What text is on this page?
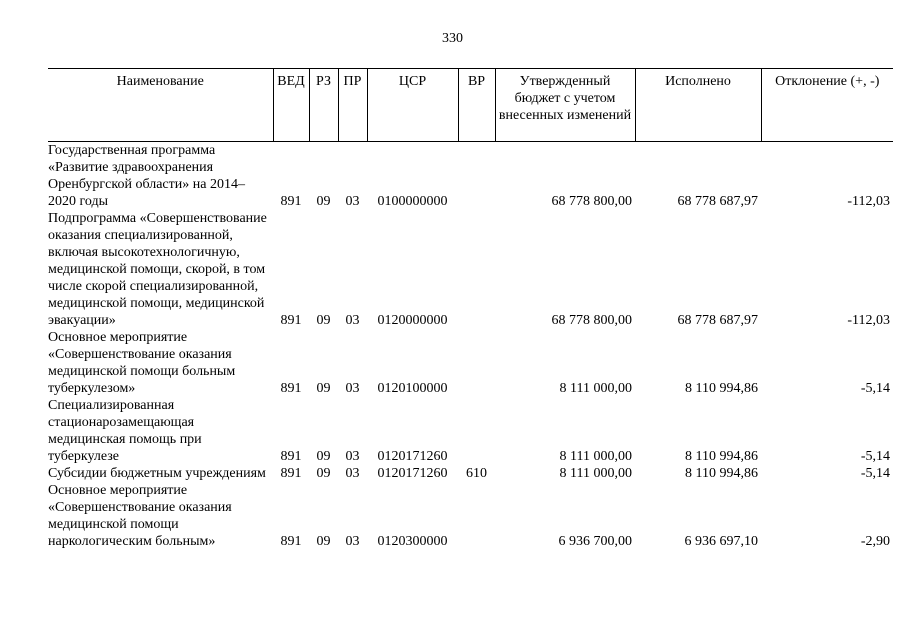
330
Наименование	ВЕД	РЗ	ПР	ЦСР	ВР	Утвержденный бюджет с учетом внесенных изменений	Исполнено	Отклонение (+, -)
Государственная программа «Развитие здравоохранения Оренбургской области» на 2014–2020 годы	891	09	03	0100000000		68 778 800,00	68 778 687,97	-112,03
Подпрограмма «Совершенствование оказания специализированной, включая высокотехнологичную, медицинской помощи, скорой, в том числе скорой специализированной, медицинской помощи, медицинской эвакуации»	891	09	03	0120000000		68 778 800,00	68 778 687,97	-112,03
Основное мероприятие «Совершенствование оказания медицинской помощи больным туберкулезом»	891	09	03	0120100000		8 111 000,00	8 110 994,86	-5,14
Специализированная стационарозамещающая медицинская помощь при туберкулезе	891	09	03	0120171260		8 111 000,00	8 110 994,86	-5,14
Субсидии бюджетным учреждениям	891	09	03	0120171260	610	8 111 000,00	8 110 994,86	-5,14
Основное мероприятие «Совершенствование оказания медицинской помощи наркологическим больным»	891	09	03	0120300000		6 936 700,00	6 936 697,10	-2,90
